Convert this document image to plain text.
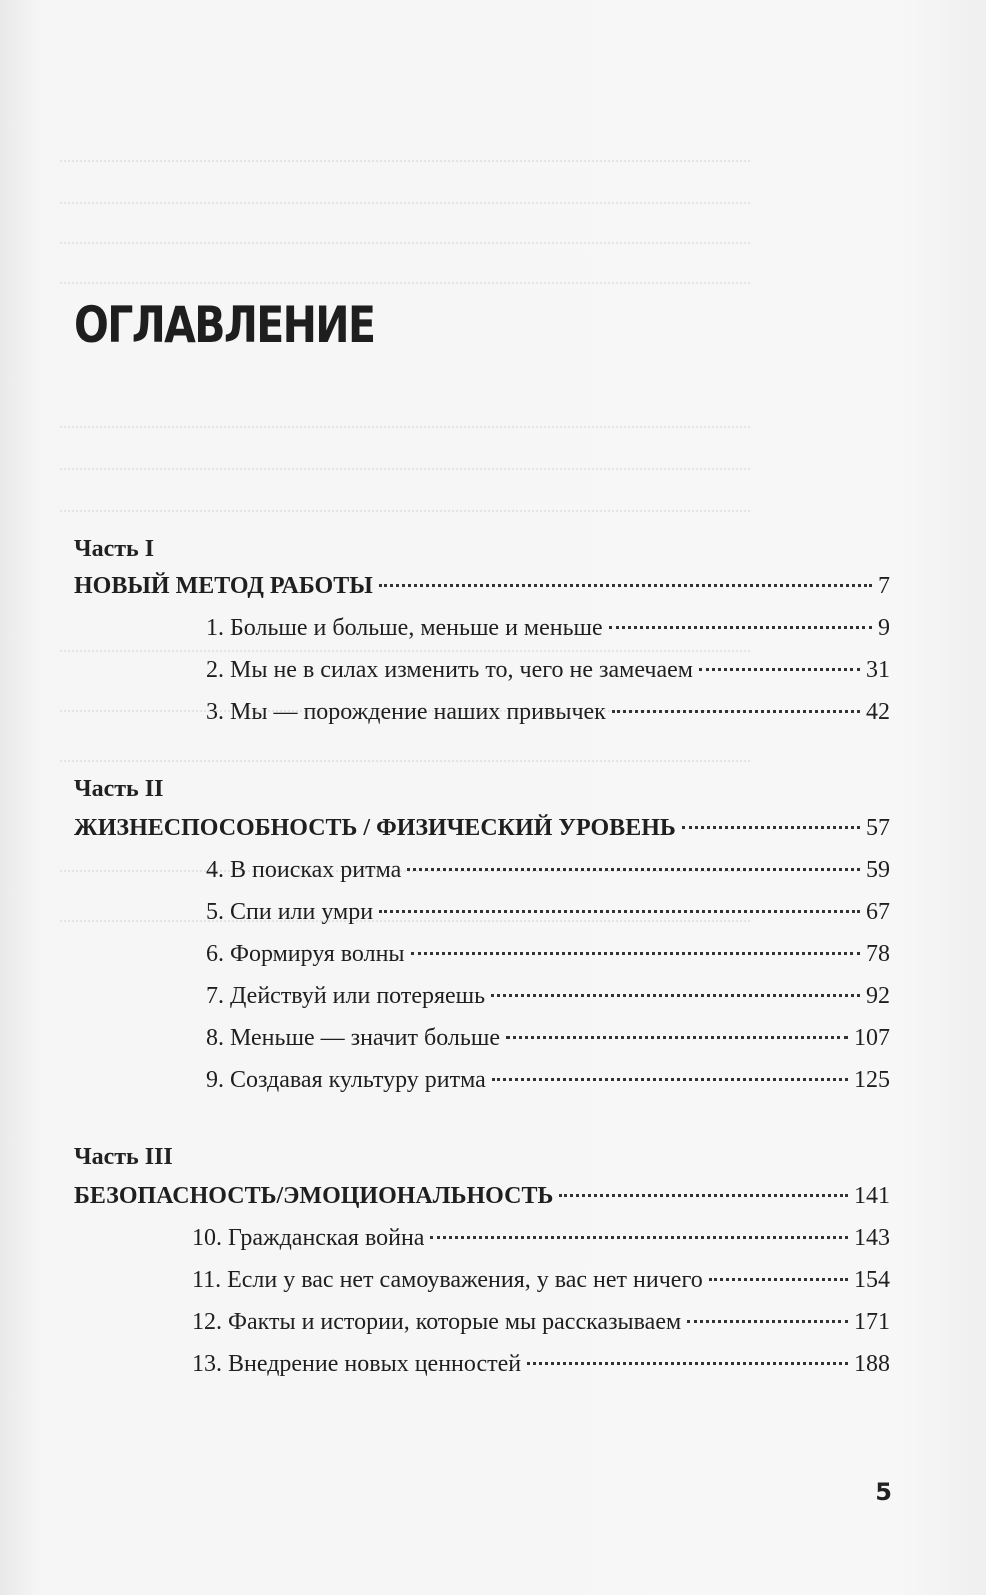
ОГЛАВЛЕНИЕ
Часть I
НОВЫЙ МЕТОД РАБОТЫ	7
1. Больше и больше, меньше и меньше	9
2. Мы не в силах изменить то, чего не замечаем	31
3. Мы — порождение наших привычек	42
Часть II
ЖИЗНЕСПОСОБНОСТЬ / ФИЗИЧЕСКИЙ УРОВЕНЬ	57
4. В поисках ритма	59
5. Спи или умри	67
6. Формируя волны	78
7. Действуй или потеряешь	92
8. Меньше — значит больше	107
9. Создавая культуру ритма	125
Часть III
БЕЗОПАСНОСТЬ/ЭМОЦИОНАЛЬНОСТЬ	141
10. Гражданская война	143
11. Если у вас нет самоуважения, у вас нет ничего	154
12. Факты и истории, которые мы рассказываем	171
13. Внедрение новых ценностей	188
5
